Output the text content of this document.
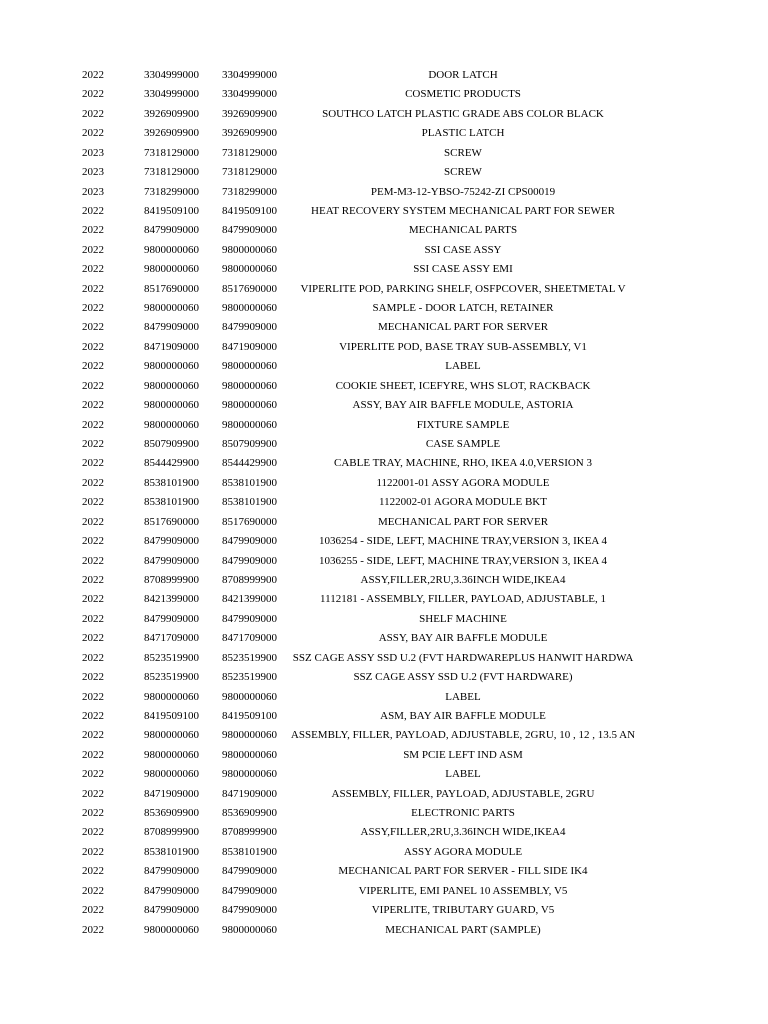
2022	3304999000 3304999000	DOOR LATCH
2022	3304999000 3304999000	COSMETIC PRODUCTS
2022	3926909900 3926909900	SOUTHCO LATCH PLASTIC GRADE ABS COLOR BLACK
2022	3926909900 3926909900	PLASTIC LATCH
2023	7318129000 7318129000	SCREW
2023	7318129000 7318129000	SCREW
2023	7318299000 7318299000	PEM-M3-12-YBSO-75242-ZI CPS00019
2022	8419509100 8419509100	HEAT RECOVERY SYSTEM MECHANICAL PART FOR SEWER
2022	8479909000 8479909000	MECHANICAL PARTS
2022	9800000060 9800000060	SSI CASE ASSY
2022	9800000060 9800000060	SSI CASE ASSY EMI
2022	8517690000 8517690000	VIPERLITE POD, PARKING SHELF, OSFPCOVER, SHEETMETAL V
2022	9800000060 9800000060	SAMPLE - DOOR LATCH, RETAINER
2022	8479909000 8479909000	MECHANICAL PART FOR SERVER
2022	8471909000 8471909000	VIPERLITE POD, BASE TRAY SUB-ASSEMBLY, V1
2022	9800000060 9800000060	LABEL
2022	9800000060 9800000060	COOKIE SHEET, ICEFYRE, WHS SLOT, RACKBACK
2022	9800000060 9800000060	ASSY, BAY AIR BAFFLE MODULE, ASTORIA
2022	9800000060 9800000060	FIXTURE SAMPLE
2022	8507909900 8507909900	CASE SAMPLE
2022	8544429900 8544429900	CABLE TRAY, MACHINE, RHO, IKEA 4.0,VERSION 3
2022	8538101900 8538101900	1122001-01 ASSY AGORA MODULE
2022	8538101900 8538101900	1122002-01 AGORA MODULE BKT
2022	8517690000 8517690000	MECHANICAL PART FOR SERVER
2022	8479909000 8479909000	1036254 - SIDE, LEFT, MACHINE TRAY,VERSION 3, IKEA 4
2022	8479909000 8479909000	1036255 - SIDE, LEFT, MACHINE TRAY,VERSION 3, IKEA 4
2022	8708999900 8708999900	ASSY,FILLER,2RU,3.36INCH WIDE,IKEA4
2022	8421399000 8421399000	1112181 - ASSEMBLY, FILLER, PAYLOAD, ADJUSTABLE, 1
2022	8479909000 8479909000	SHELF MACHINE
2022	8471709000 8471709000	ASSY, BAY AIR BAFFLE MODULE
2022	8523519900 8523519900	SSZ CAGE ASSY SSD U.2 (FVT HARDWAREPLUS HANWIT HARDWA
2022	8523519900 8523519900	SSZ CAGE ASSY SSD U.2 (FVT HARDWARE)
2022	9800000060 9800000060	LABEL
2022	8419509100 8419509100	ASM, BAY AIR BAFFLE MODULE
2022	9800000060 9800000060	ASSEMBLY, FILLER, PAYLOAD, ADJUSTABLE, 2GRU, 10 , 12 , 13.5 AN
2022	9800000060 9800000060	SM PCIE LEFT IND ASM
2022	9800000060 9800000060	LABEL
2022	8471909000 8471909000	ASSEMBLY, FILLER, PAYLOAD, ADJUSTABLE, 2GRU
2022	8536909900 8536909900	ELECTRONIC PARTS
2022	8708999900 8708999900	ASSY,FILLER,2RU,3.36INCH WIDE,IKEA4
2022	8538101900 8538101900	ASSY AGORA MODULE
2022	8479909000 8479909000	MECHANICAL PART FOR SERVER - FILL SIDE IK4
2022	8479909000 8479909000	VIPERLITE, EMI PANEL 10 ASSEMBLY, V5
2022	8479909000 8479909000	VIPERLITE, TRIBUTARY GUARD, V5
2022	9800000060 9800000060	MECHANICAL PART (SAMPLE)
